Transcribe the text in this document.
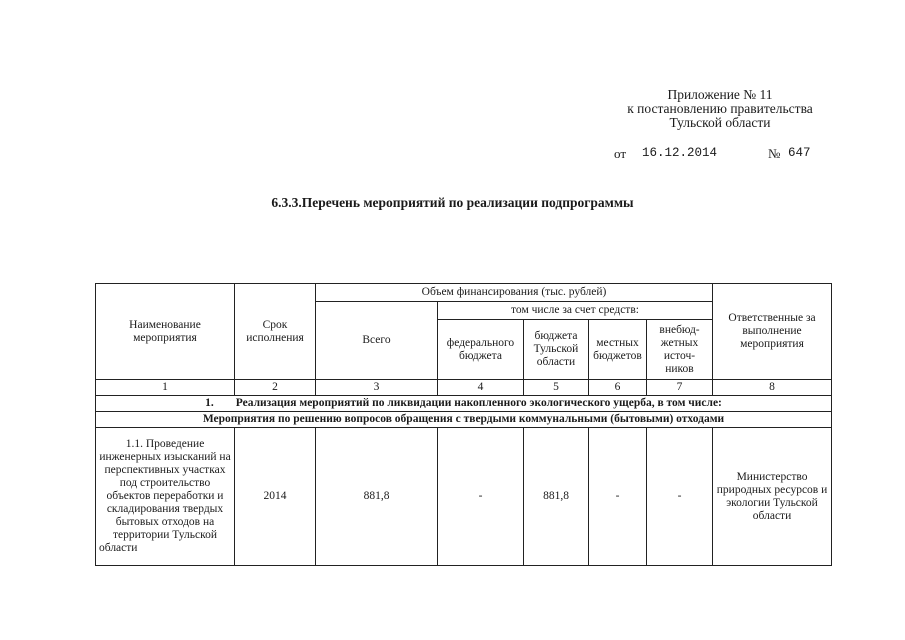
Приложение № 11
к постановлению правительства
Тульской области
от 16.12.2014	№ 647
6.3.3.Перечень мероприятий по реализации подпрограммы
Наименование мероприятия	Срок исполнения	Объем финансирования (тыс. рублей)					Ответственные за выполнение мероприятия
		Всего	том числе за счет средств:				
			федерального бюджета	бюджета Тульской области	местных бюджетов	внебюд-жетных источ-ников	
1	2	3	4	5	6	7	8
1. Реализация мероприятий по ликвидации накопленного экологического ущерба, в том числе:							
Мероприятия по решению вопросов обращения с твердыми коммунальными (бытовыми) отходами							
1.1. Проведение инженерных изысканий на перспективных участках под строительство объектов переработки и складирования твердых бытовых отходов на территории Тульской области	2014	881,8	-	881,8	-	-	Министерство природных ресурсов и экологии Тульской области
